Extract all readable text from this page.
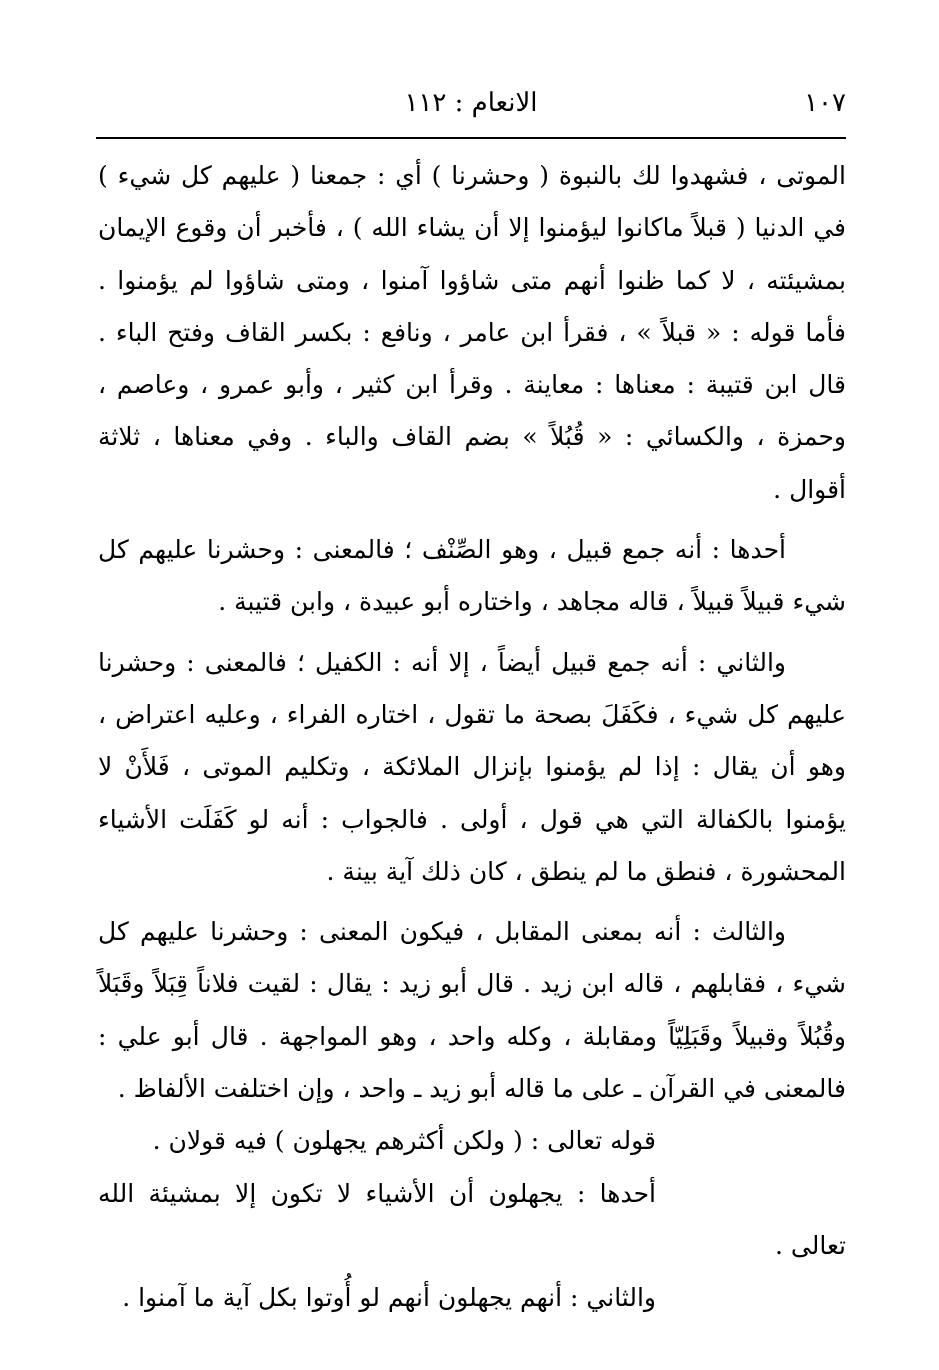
١٠٧
الانعام : ١١٢

الموتى ، فشهدوا لك بالنبوة ( وحشرنا ) أي : جمعنا ( عليهم كل شيء ) في الدنيا ( قبلاً ماكانوا ليؤمنوا إلا أن يشاء الله ) ، فأخبر أن وقوع الإيمان بمشيئته ، لا كما ظنوا أنهم متى شاؤوا آمنوا ، ومتى شاؤوا لم يؤمنوا . فأما قوله : « قبلاً » ، فقرأ ابن عامر ، ونافع : بكسر القاف وفتح الباء . قال ابن قتيبة : معناها : معاينة . وقرأ ابن كثير ، وأبو عمرو ، وعاصم ، وحمزة ، والكسائي : « قُبُلاً » بضم القاف والباء . وفي معناها ، ثلاثة أقوال .

أحدها : أنه جمع قبيل ، وهو الصِّنْف ؛ فالمعنى : وحشرنا عليهم كل شيء قبيلاً قبيلاً ، قاله مجاهد ، واختاره أبو عبيدة ، وابن قتيبة .

والثاني : أنه جمع قبيل أيضاً ، إلا أنه : الكفيل ؛ فالمعنى : وحشرنا عليهم كل شيء ، فكَفَلَ بصحة ما تقول ، اختاره الفراء ، وعليه اعتراض ، وهو أن يقال : إذا لم يؤمنوا بإنزال الملائكة ، وتكليم الموتى ، فَلأَنْ لا يؤمنوا بالكفالة التي هي قول ، أولى . فالجواب : أنه لو كَفَلَت الأشياء المحشورة ، فنطق ما لم ينطق ، كان ذلك آية بينة .

والثالث : أنه بمعنى المقابل ، فيكون المعنى : وحشرنا عليهم كل شيء ، فقابلهم ، قاله ابن زيد . قال أبو زيد : يقال : لقيت فلاناً قِبَلاً وقَبَلاً وقُبُلاً وقبيلاً وقَبَلِيّاً ومقابلة ، وكله واحد ، وهو المواجهة . قال أبو علي : فالمعنى في القرآن ـ على ما قاله أبو زيد ـ واحد ، وإن اختلفت الألفاظ .

قوله تعالى : ( ولكن أكثرهم يجهلون ) فيه قولان .

أحدها : يجهلون أن الأشياء لا تكون إلا بمشيئة الله تعالى .

والثاني : أنهم يجهلون أنهم لو أُوتوا بكل آية ما آمنوا .
